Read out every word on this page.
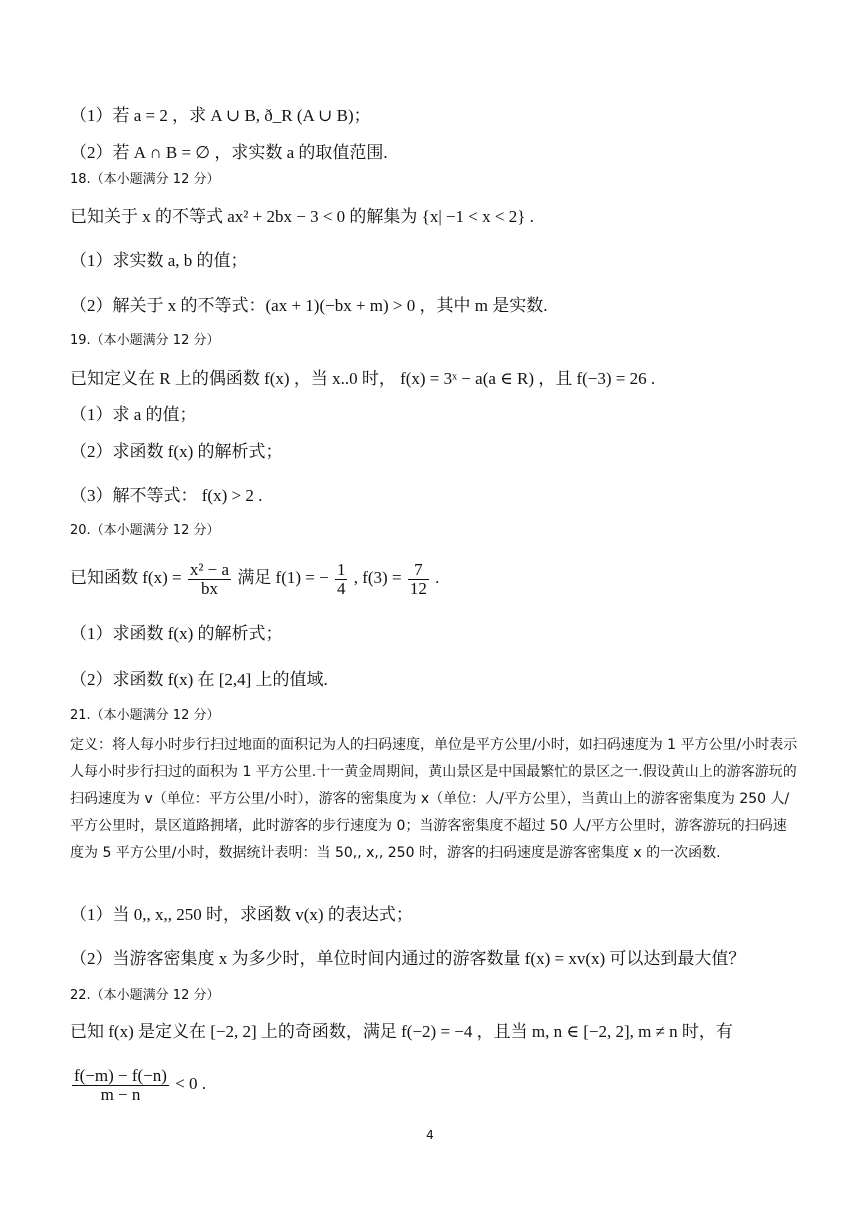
（1）若 a = 2 ，求 A ∪ B, ð_R (A ∪ B)；
（2）若 A ∩ B = ∅ ，求实数 a 的取值范围.
18.（本小题满分 12 分）
已知关于 x 的不等式 ax² + 2bx − 3 < 0 的解集为 {x| −1 < x < 2} .
（1）求实数 a, b 的值；
（2）解关于 x 的不等式：(ax + 1)(−bx + m) > 0 ，其中 m 是实数.
19.（本小题满分 12 分）
已知定义在 R 上的偶函数 f(x) ，当 x..0 时， f(x) = 3ˣ − a(a ∈ R) ，且 f(−3) = 26 .
（1）求 a 的值；
（2）求函数 f(x) 的解析式；
（3）解不等式： f(x) > 2 .
20.（本小题满分 12 分）
已知函数 $f(x) = \frac{\text{x² − a}}{bx}$ 满足 f(1) = − $\frac{1}{4}$ , $f(3) = \frac{7}{12}$ .
（1）求函数 f(x) 的解析式；
（2）求函数 f(x) 在 [2,4] 上的值域.
21.（本小题满分 12 分）
定义：将人每小时步行扫过地面的面积记为人的扫码速度，单位是平方公里/小时，如扫码速度为 1 平方公里/小时表示人每小时步行扫过的面积为 1 平方公里.十一黄金周期间，黄山景区是中国最繁忙的景区之一.假设黄山上的游客游玩的扫码速度为 v（单位：平方公里/小时），游客的密集度为 x（单位：人/平方公里），当黄山上的游客密集度为 250 人/平方公里时，景区道路拥堵，此时游客的步行速度为 0；当游客密集度不超过 50 人/平方公里时，游客游玩的扫码速度为 5 平方公里/小时，数据统计表明：当 50,, x,, 250 时，游客的扫码速度是游客密集度 x 的一次函数.
（1）当 0,, x,, 250 时，求函数 v(x) 的表达式；
（2）当游客密集度 x 为多少时，单位时间内通过的游客数量 f(x) = xv(x) 可以达到最大值？
22.（本小题满分 12 分）
已知 f(x) 是定义在 [−2, 2] 上的奇函数，满足 f(−2) = −4 ，且当 m, n ∈ [−2, 2], m ≠ n 时，有
$\frac{f(-m) - f(-n)}{m - n} < 0$ .
4
